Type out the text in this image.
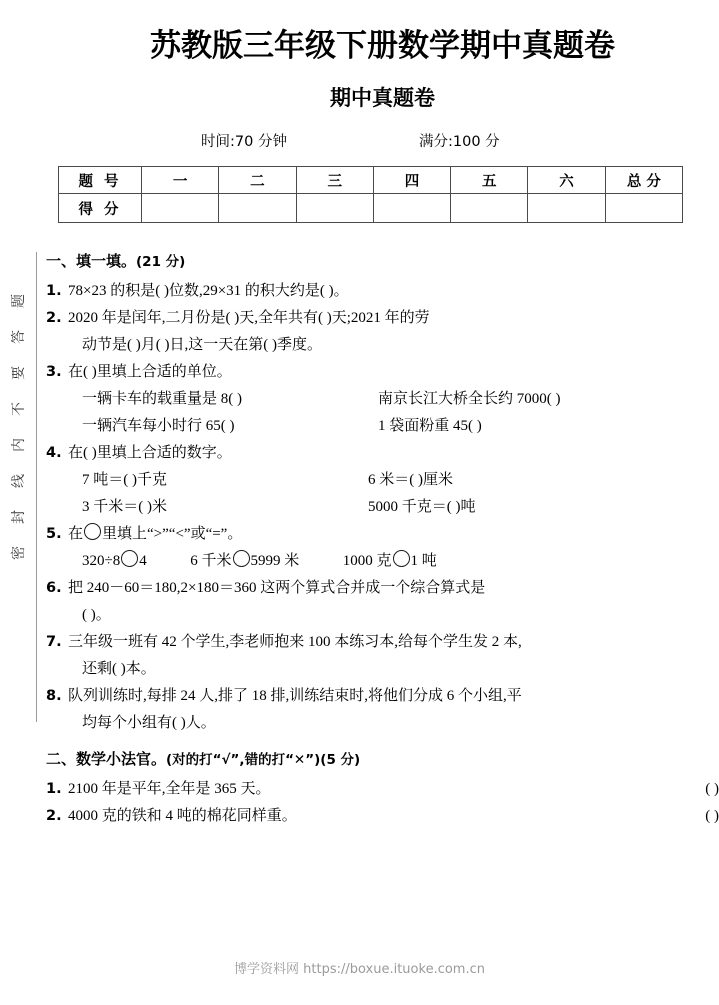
题
答
要
不
内
线
封
密
苏教版三年级下册数学期中真题卷
期中真题卷
时间:70 分钟	满分:100 分
题 号	一	二	三	四	五	六	总 分
得 分							
一、填一填。(21 分)
1. 78×23 的积是( )位数,29×31 的积大约是( )。
2. 2020 年是闰年,二月份是( )天,全年共有( )天;2021 年的劳
动节是( )月( )日,这一天在第( )季度。
3. 在( )里填上合适的单位。
一辆卡车的载重量是 8( )	南京长江大桥全长约 7000( )
一辆汽车每小时行 65( )	1 袋面粉重 45( )
4. 在( )里填上合适的数字。
7 吨＝( )千克	6 米＝( )厘米
3 千米＝( )米	5000 千克＝( )吨
5. 在 里填上“>”“<”或“=”。
320÷8 4	6 千米 5999 米	1000 克 1 吨
6. 把 240－60＝180,2×180＝360 这两个算式合并成一个综合算式是
( )。
7. 三年级一班有 42 个学生,李老师抱来 100 本练习本,给每个学生发 2 本,
还剩( )本。
8. 队列训练时,每排 24 人,排了 18 排,训练结束时,将他们分成 6 个小组,平
均每个小组有( )人。
二、数学小法官。(对的打“√”,错的打“✕”)(5 分)
1. 2100 年是平年,全年是 365 天。	( )
2. 4000 克的铁和 4 吨的棉花同样重。	( )
博学资料网 https://boxue.ituoke.com.cn
